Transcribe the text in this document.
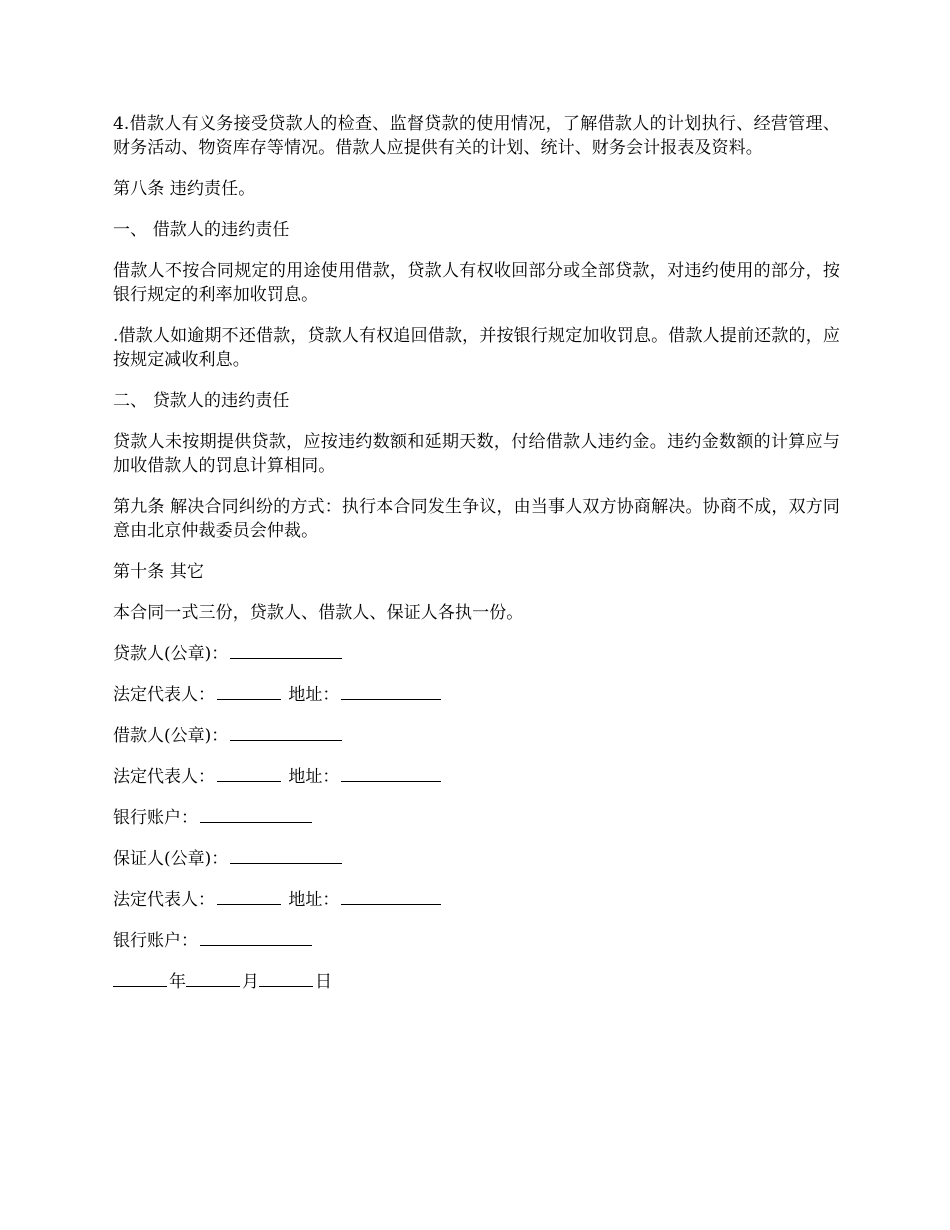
4.借款人有义务接受贷款人的检查、监督贷款的使用情况，了解借款人的计划执行、经营管理、财务活动、物资库存等情况。借款人应提供有关的计划、统计、财务会计报表及资料。

第八条 违约责任。

一、 借款人的违约责任

借款人不按合同规定的用途使用借款，贷款人有权收回部分或全部贷款，对违约使用的部分，按银行规定的利率加收罚息。

.借款人如逾期不还借款，贷款人有权追回借款，并按银行规定加收罚息。借款人提前还款的，应按规定减收利息。

二、 贷款人的违约责任

贷款人未按期提供贷款，应按违约数额和延期天数，付给借款人违约金。违约金数额的计算应与加收借款人的罚息计算相同。

第九条 解决合同纠纷的方式：执行本合同发生争议，由当事人双方协商解决。协商不成，双方同意由北京仲裁委员会仲裁。

第十条 其它

本合同一式三份，贷款人、借款人、保证人各执一份。

贷款人(公章)：
法定代表人：	地址：
借款人(公章)：
法定代表人：	地址：
银行账户：
保证人(公章)：
法定代表人：	地址：
银行账户：
年	月	日
